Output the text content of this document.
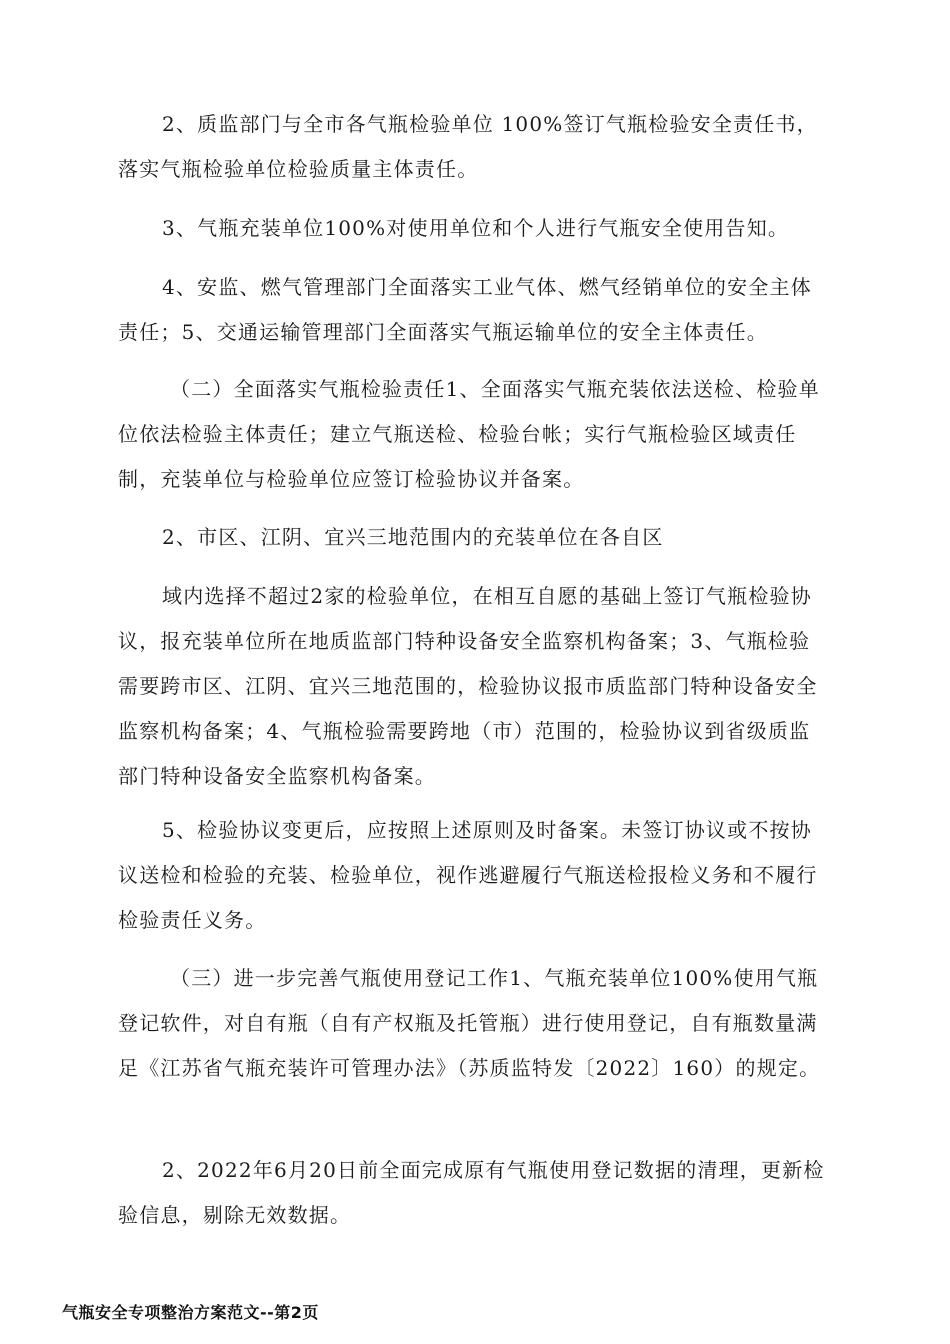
2、质监部门与全市各气瓶检验单位 100%签订气瓶检验安全责任书，落实气瓶检验单位检验质量主体责任。

3、气瓶充装单位100%对使用单位和个人进行气瓶安全使用告知。

4、安监、燃气管理部门全面落实工业气体、燃气经销单位的安全主体责任；5、交通运输管理部门全面落实气瓶运输单位的安全主体责任。

（二）全面落实气瓶检验责任1、全面落实气瓶充装依法送检、检验单位依法检验主体责任；建立气瓶送检、检验台帐；实行气瓶检验区域责任制，充装单位与检验单位应签订检验协议并备案。

2、市区、江阴、宜兴三地范围内的充装单位在各自区

域内选择不超过2家的检验单位，在相互自愿的基础上签订气瓶检验协议，报充装单位所在地质监部门特种设备安全监察机构备案；3、气瓶检验需要跨市区、江阴、宜兴三地范围的，检验协议报市质监部门特种设备安全监察机构备案；4、气瓶检验需要跨地（市）范围的，检验协议到省级质监部门特种设备安全监察机构备案。

5、检验协议变更后，应按照上述原则及时备案。未签订协议或不按协议送检和检验的充装、检验单位，视作逃避履行气瓶送检报检义务和不履行检验责任义务。

（三）进一步完善气瓶使用登记工作1、气瓶充装单位100%使用气瓶登记软件，对自有瓶（自有产权瓶及托管瓶）进行使用登记，自有瓶数量满足《江苏省气瓶充装许可管理办法》（苏质监特发〔2022〕160）的规定。

2、2022年6月20日前全面完成原有气瓶使用登记数据的清理，更新检验信息，剔除无效数据。

气瓶安全专项整治方案范文--第2页
